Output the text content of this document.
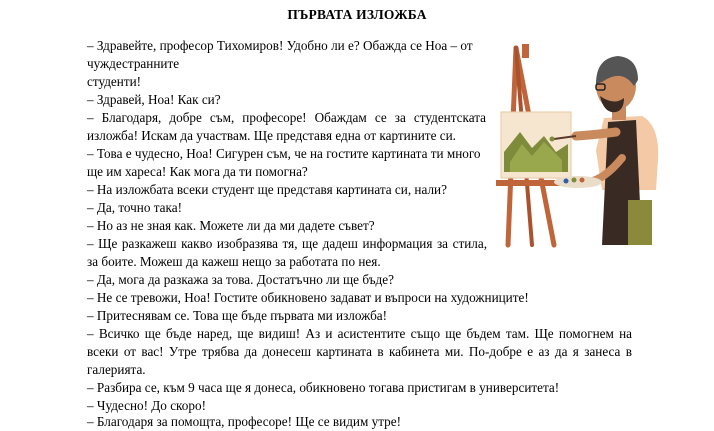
ПЪРВАТА ИЗЛОЖБА
– Здравейте, професор Тихомиров! Удобно ли е? Обажда се Ноа – от
чуждестранните
студенти!
– Здравей, Ноа! Как си?
– Благодаря, добре съм, професоре! Обаждам се за студентската
изложба! Искам да участвам. Ще представя една от картините си.
– Това е чудесно, Ноа! Сигурен съм, че на гостите картината ти много
ще им хареса! Как мога да ти помогна?
– На изложбата всеки студент ще представя картината си, нали?
– Да, точно така!
– Но аз не зная как. Можете ли да ми дадете съвет?
– Ще разкажеш какво изобразява тя, ще дадеш информация за стила,
за боите. Можеш да кажеш нещо за работата по нея.
– Да, мога да разкажа за това. Достатъчно ли ще бъде?
– Не се тревожи, Ноа! Гостите обикновено задават и въпроси на художниците!
– Притеснявам се. Това ще бъде първата ми изложба!
– Всичко ще бъде наред, ще видиш! Аз и асистентите също ще бъдем там. Ще помогнем на
всеки от вас! Утре трябва да донесеш картината в кабинета ми. По-добре е аз да я занеса в
галерията.
– Разбира се, към 9 часа ще я донеса, обикновено тогава пристигам в университета!
– Чудесно! До скоро!
– Благодаря за помощта, професоре! Ще се видим утре!
